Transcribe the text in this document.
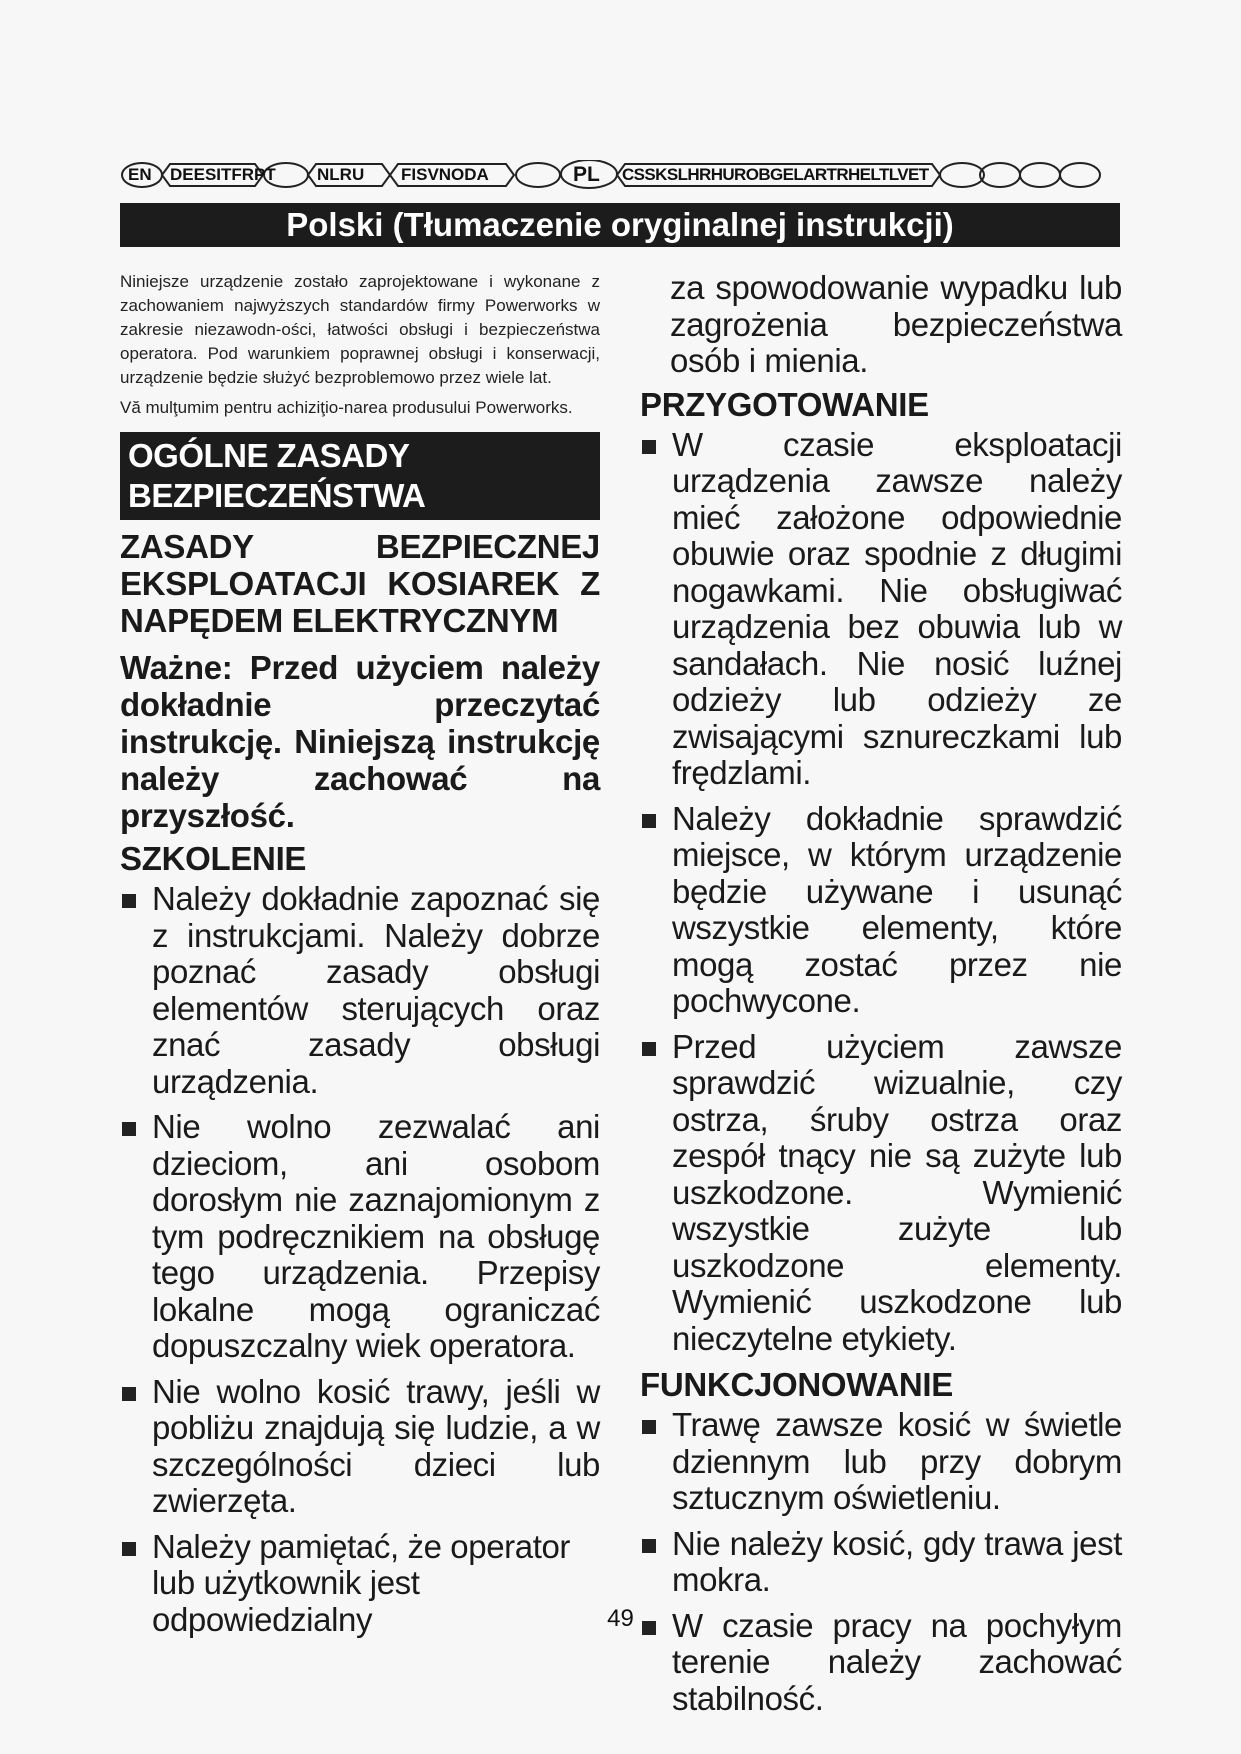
EN DEESITFRPT NLRU FISVNODA	PL CSSKSLHRHUROBGELARTRHELTLVET
Polski (Tłumaczenie oryginalnej instrukcji)

Niniejsze urządzenie zostało zaprojektowane i wykonane z zachowaniem najwyższych standardów firmy Powerworks w zakresie niezawodn-ości, łatwości obsługi i bezpieczeństwa operatora. Pod warunkiem poprawnej obsługi i konserwacji, urządzenie będzie służyć bezproblemowo przez wiele lat.

Vă mulţumim pentru achiziţio-narea produsului Powerworks.

OGÓLNE ZASADY BEZPIECZEŃSTWA

ZASADY BEZPIECZNEJ EKSPLOATACJI KOSIAREK Z NAPĘDEM ELEKTRYCZNYM

Ważne: Przed użyciem należy dokładnie przeczytać instrukcję. Niniejszą instrukcję należy zachować na przyszłość.

SZKOLENIE

Należy dokładnie zapoznać się z instrukcjami. Należy dobrze poznać zasady obsługi elementów sterujących oraz znać zasady obsługi urządzenia.
Nie wolno zezwalać ani dzieciom, ani osobom dorosłym nie zaznajomionym z tym podręcznikiem na obsługę tego urządzenia. Przepisy lokalne mogą ograniczać dopuszczalny wiek operatora.
Nie wolno kosić trawy, jeśli w pobliżu znajdują się ludzie, a w szczególności dzieci lub zwierzęta.
Należy pamiętać, że operator lub użytkownik jest odpowiedzialny

za spowodowanie wypadku lub zagrożenia bezpieczeństwa osób i mienia.

PRZYGOTOWANIE

W czasie eksploatacji urządzenia zawsze należy mieć założone odpowiednie obuwie oraz spodnie z długimi nogawkami. Nie obsługiwać urządzenia bez obuwia lub w sandałach. Nie nosić luźnej odzieży lub odzieży ze zwisającymi sznureczkami lub frędzlami.
Należy dokładnie sprawdzić miejsce, w którym urządzenie będzie używane i usunąć wszystkie elementy, które mogą zostać przez nie pochwycone.
Przed użyciem zawsze sprawdzić wizualnie, czy ostrza, śruby ostrza oraz zespół tnący nie są zużyte lub uszkodzone. Wymienić wszystkie zużyte lub uszkodzone elementy. Wymienić uszkodzone lub nieczytelne etykiety.

FUNKCJONOWANIE

Trawę zawsze kosić w świetle dziennym lub przy dobrym sztucznym oświetleniu.
Nie należy kosić, gdy trawa jest mokra.
W czasie pracy na pochyłym terenie należy zachować stabilność.
49
